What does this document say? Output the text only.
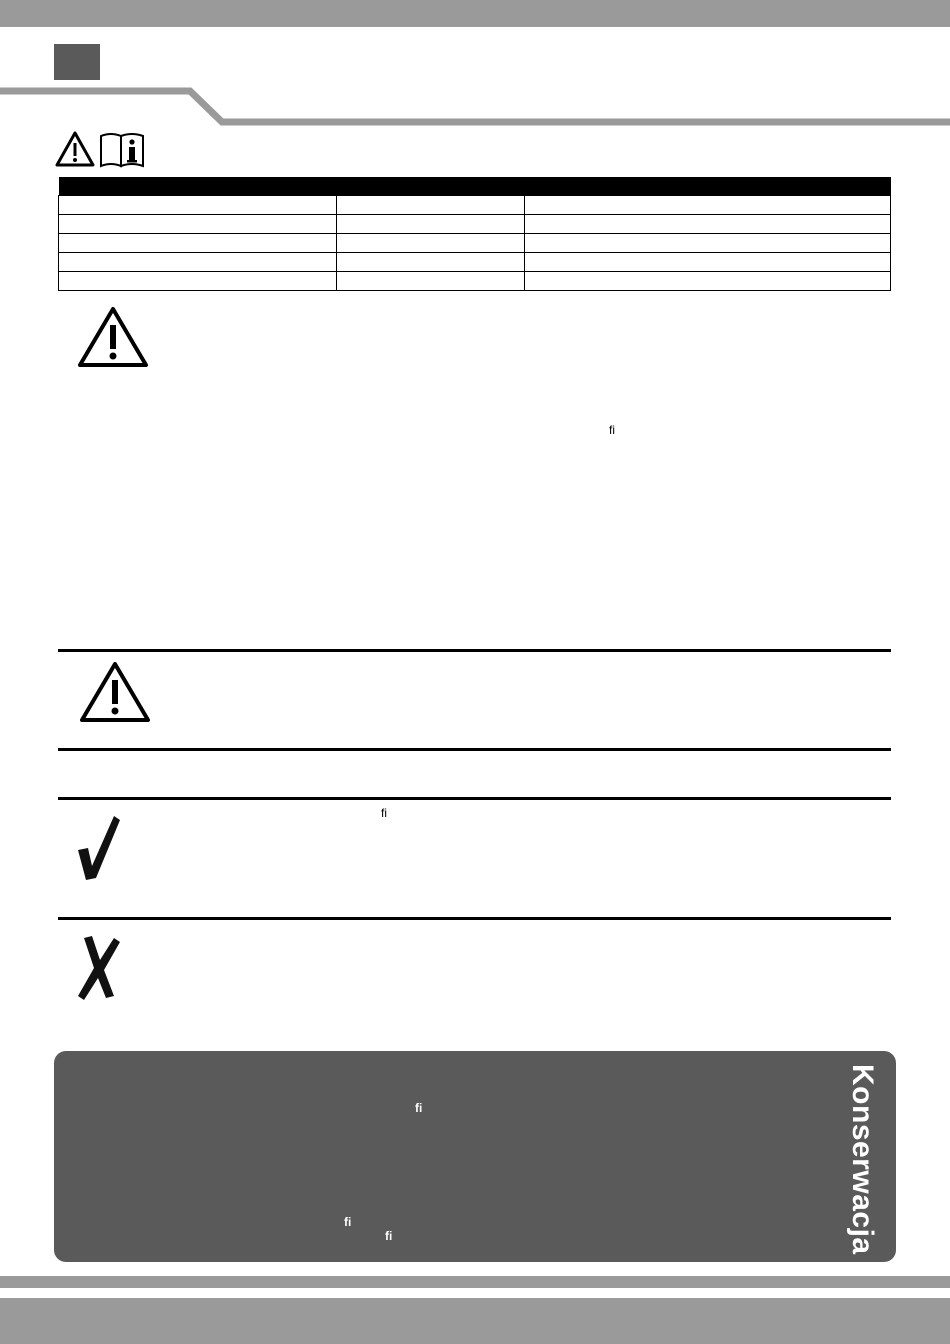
ﬁ
ﬁ
ﬁ
ﬁ
ﬁ	Konserwacja
